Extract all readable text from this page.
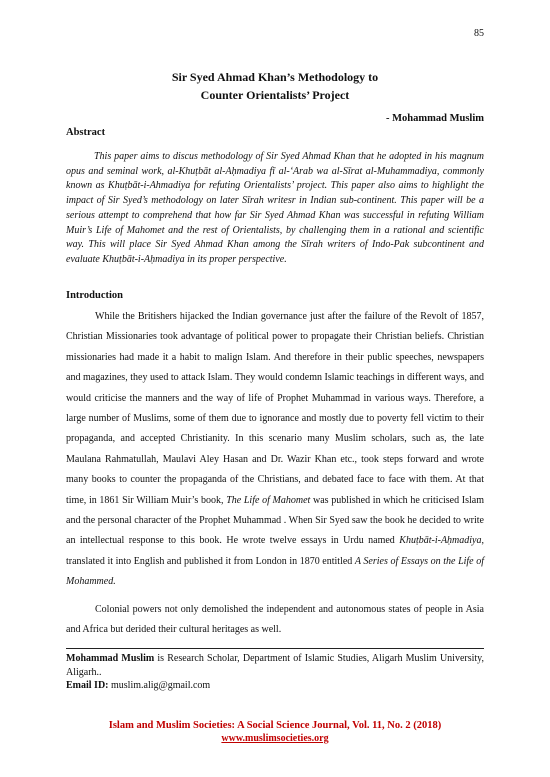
85
Sir Syed Ahmad Khan’s Methodology to
Counter Orientalists’ Project
- Mohammad Muslim
Abstract

This paper aims to discus methodology of Sir Syed Ahmad Khan that he adopted in his magnum opus and seminal work, al-Khuṭbāt al-Aḥmadiya fī al-‘Arab wa al-Sīrat al-Muhammadiya, commonly known as Khuṭbāt-i-Ahmadiya for refuting Orientalists’ project. This paper also aims to highlight the impact of Sir Syed’s methodology on later Sīrah writesr in Indian sub-continent. This paper will be a serious attempt to comprehend that how far Sir Syed Ahmad Khan was successful in refuting William Muir’s Life of Mahomet and the rest of Orientalists, by challenging them in a rational and scientific way. This will place Sir Syed Ahmad Khan among the Sīrah writers of Indo-Pak subcontinent and evaluate Khuṭbāt-i-Aḥmadiya in its proper perspective.

Introduction

While the Britishers hijacked the Indian governance just after the failure of the Revolt of 1857, Christian Missionaries took advantage of political power to propagate their Christian beliefs. Christian missionaries had made it a habit to malign Islam. And therefore in their public speeches, newspapers and magazines, they used to attack Islam. They would condemn Islamic teachings in different ways, and would criticise the manners and the way of life of Prophet Muhammad in various ways. Therefore, a large number of Muslims, some of them due to ignorance and mostly due to poverty fell victim to their propaganda, and accepted Christianity. In this scenario many Muslim scholars, such as, the late Maulana Rahmatullah, Maulavi Aley Hasan and Dr. Wazir Khan etc., took steps forward and wrote many books to counter the propaganda of the Christians, and debated face to face with them. At that time, in 1861 Sir William Muir’s book, The Life of Mahomet was published in which he criticised Islam and the personal character of the Prophet Muhammad . When Sir Syed saw the book he decided to write an intellectual response to this book. He wrote twelve essays in Urdu named Khuṭbāt-i-Aḥmadiya, translated it into English and published it from London in 1870 entitled A Series of Essays on the Life of Mohammed.

Colonial powers not only demolished the independent and autonomous states of people in Asia and Africa but derided their cultural heritages as well.

Mohammad Muslim is Research Scholar, Department of Islamic Studies, Aligarh Muslim University, Aligarh..
Email ID: muslim.alig@gmail.com
Islam and Muslim Societies: A Social Science Journal, Vol. 11, No. 2 (2018)
www.muslimsocieties.org
